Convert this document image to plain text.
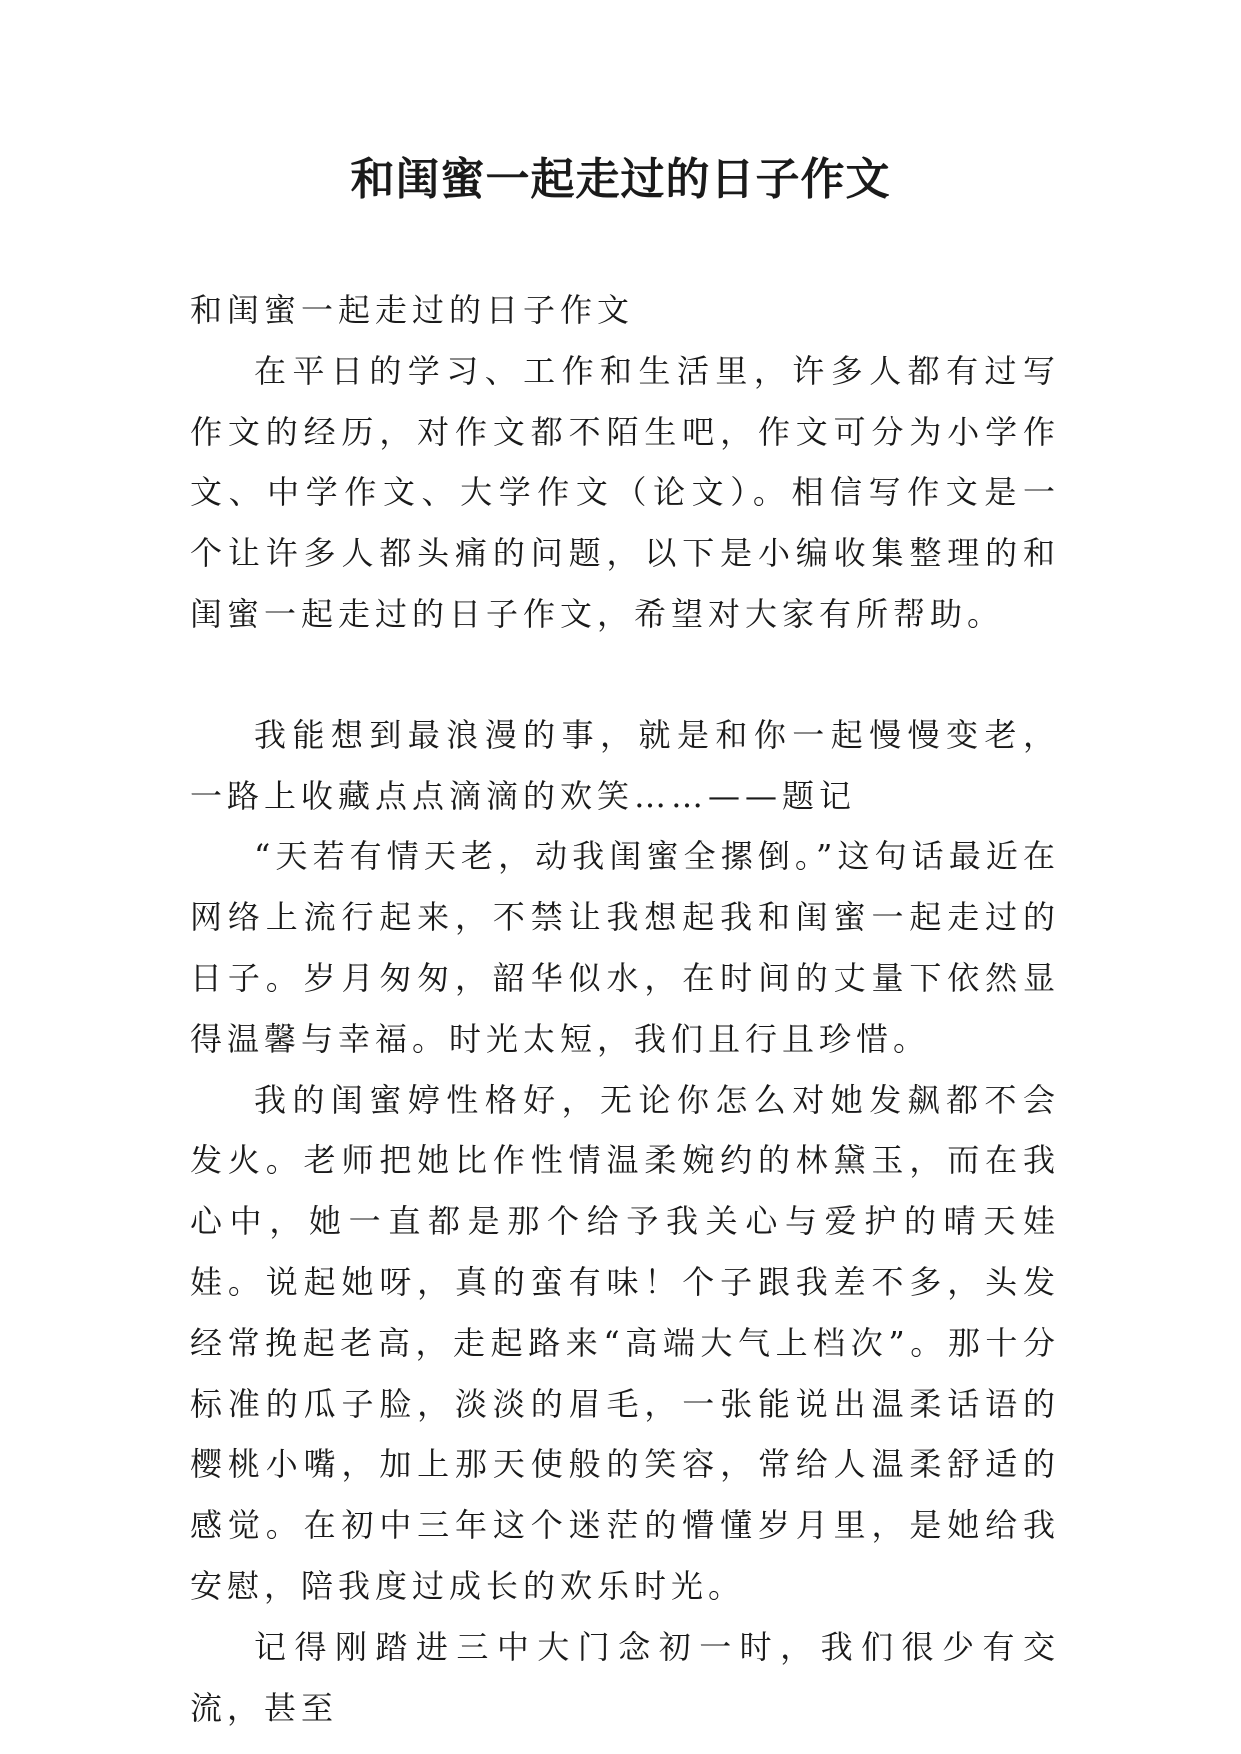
和闺蜜一起走过的日子作文

和闺蜜一起走过的日子作文

在平日的学习、工作和生活里，许多人都有过写作文的经历，对作文都不陌生吧，作文可分为小学作文、中学作文、大学作文（论文）。相信写作文是一个让许多人都头痛的问题，以下是小编收集整理的和闺蜜一起走过的日子作文，希望对大家有所帮助。

我能想到最浪漫的事，就是和你一起慢慢变老，一路上收藏点点滴滴的欢笑……——题记

“天若有情天老，动我闺蜜全摞倒。”这句话最近在网络上流行起来，不禁让我想起我和闺蜜一起走过的日子。岁月匆匆，韶华似水，在时间的丈量下依然显得温馨与幸福。时光太短，我们且行且珍惜。

我的闺蜜婷性格好，无论你怎么对她发飙都不会发火。老师把她比作性情温柔婉约的林黛玉，而在我心中，她一直都是那个给予我关心与爱护的晴天娃娃。说起她呀，真的蛮有味！个子跟我差不多，头发经常挽起老高，走起路来“高端大气上档次”。那十分标准的瓜子脸，淡淡的眉毛，一张能说出温柔话语的樱桃小嘴，加上那天使般的笑容，常给人温柔舒适的感觉。在初中三年这个迷茫的懵懂岁月里，是她给我安慰，陪我度过成长的欢乐时光。

记得刚踏进三中大门念初一时，我们很少有交流，甚至
